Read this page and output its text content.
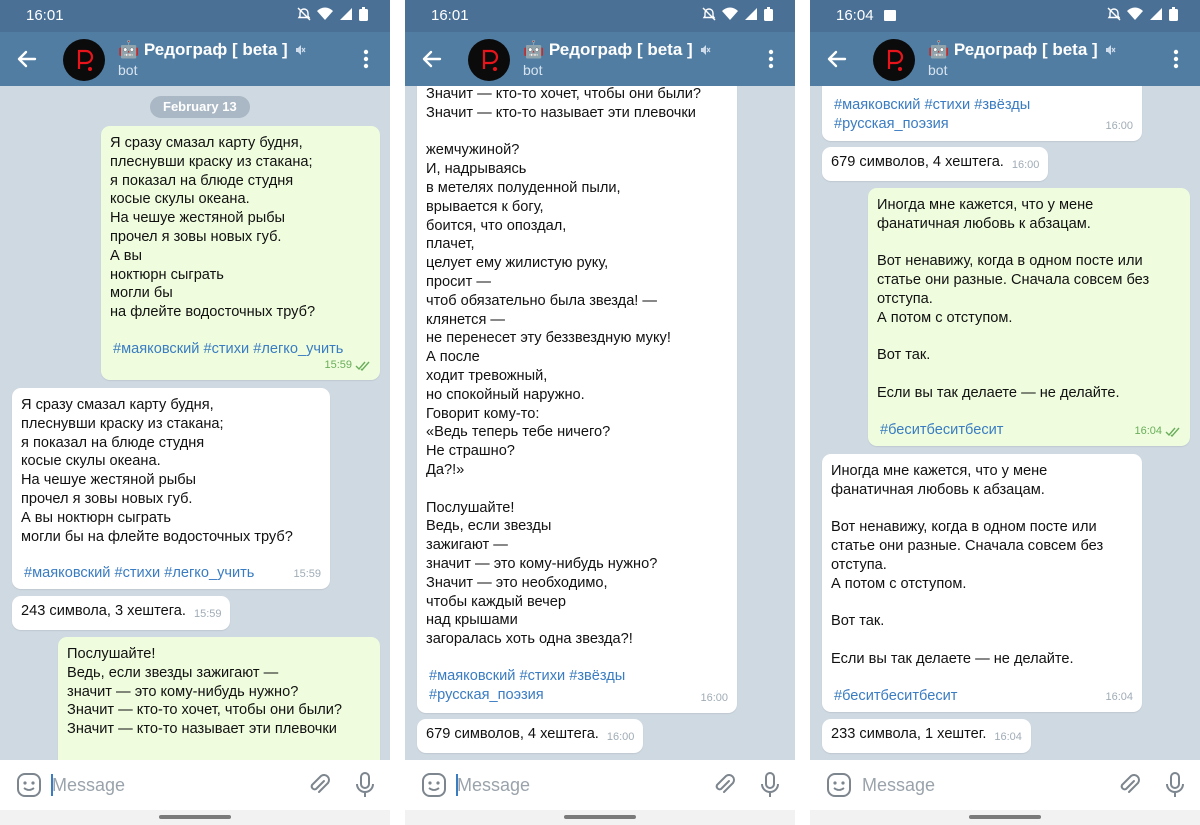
16:01
🤖 Редограф [ beta ]
bot
February 13
Я сразу смазал карту будня,
плеснувши краску из стакана;
я показал на блюде студня
косые скулы океана.
На чешуе жестяной рыбы
прочел я зовы новых губ.
А вы
ноктюрн сыграть
могли бы
на флейте водосточных труб?
#маяковский #стихи #легко_учить
15:59
Я сразу смазал карту будня,
плеснувши краску из стакана;
я показал на блюде студня
косые скулы океана.
На чешуе жестяной рыбы
прочел я зовы новых губ.
А вы ноктюрн сыграть
могли бы на флейте водосточных труб?
#маяковский #стихи #легко_учить	15:59
243 символа, 3 хештега. 15:59
Послушайте!
Ведь, если звезды зажигают —
значит — это кому-нибудь нужно?
Значит — кто-то хочет, чтобы они были?
Значит — кто-то называет эти плевочки
Message
16:01
🤖 Редограф [ beta ]
bot
Значит — кто-то хочет, чтобы они были?
Значит — кто-то называет эти плевочки

жемчужиной?
И, надрываясь
в метелях полуденной пыли,
врывается к богу,
боится, что опоздал,
плачет,
целует ему жилистую руку,
просит —
чтоб обязательно была звезда! —
клянется —
не перенесет эту беззвездную муку!
А после
ходит тревожный,
но спокойный наружно.
Говорит кому-то:
«Ведь теперь тебе ничего?
Не страшно?
Да?!»

Послушайте!
Ведь, если звезды
зажигают —
значит — это кому-нибудь нужно?
Значит — это необходимо,
чтобы каждый вечер
над крышами
загоралась хоть одна звезда?!
#маяковский #стихи #звёзды
#русская_поэзия	16:00
679 символов, 4 хештега. 16:00
Message
16:04
🤖 Редограф [ beta ]
bot
#маяковский #стихи #звёзды
#русская_поэзия	16:00
679 символов, 4 хештега. 16:00
Иногда мне кажется, что у мене
фанатичная любовь к абзацам.

Вот ненавижу, когда в одном посте или
статье они разные. Сначала совсем без
отступа.
А потом с отступом.

Вот так.

Если вы так делаете — не делайте.
#беситбеситбесит	16:04
Иногда мне кажется, что у мене
фанатичная любовь к абзацам.

Вот ненавижу, когда в одном посте или
статье они разные. Сначала совсем без
отступа.
А потом с отступом.

Вот так.

Если вы так делаете — не делайте.
#беситбеситбесит	16:04
233 символа, 1 хештег. 16:04
Message
